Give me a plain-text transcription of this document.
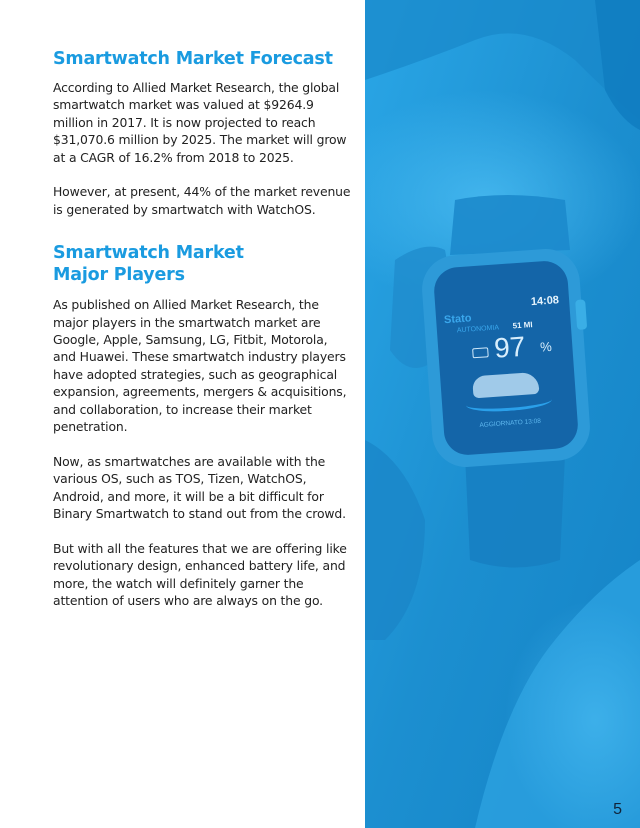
Smartwatch Market Forecast

According to Allied Market Research, the global smartwatch market was valued at $9264.9 million in 2017. It is now projected to reach $31,070.6 million by 2025. The market will grow at a CAGR of 16.2% from 2018 to 2025.

However, at present, 44% of the market revenue is generated by smartwatch with WatchOS.

Smartwatch Market
Major Players

As published on Allied Market Research, the major players in the smartwatch market are Google, Apple, Samsung, LG, Fitbit, Motorola, and Huawei. These smartwatch industry players have adopted strategies, such as geographical expansion, agreements, mergers & acquisitions, and collaboration, to increase their market penetration.

Now, as smartwatches are available with the various OS, such as TOS, Tizen, WatchOS, Android, and more, it will be a bit difficult for Binary Smartwatch to stand out from the crowd.

But with all the features that we are offering like revolutionary design, enhanced battery life, and more, the watch will definitely garner the attention of users who are always on the go.

Stato
14:08
AUTONOMIA 51 MI
97 %
AGGIORNATO 13:08
5
